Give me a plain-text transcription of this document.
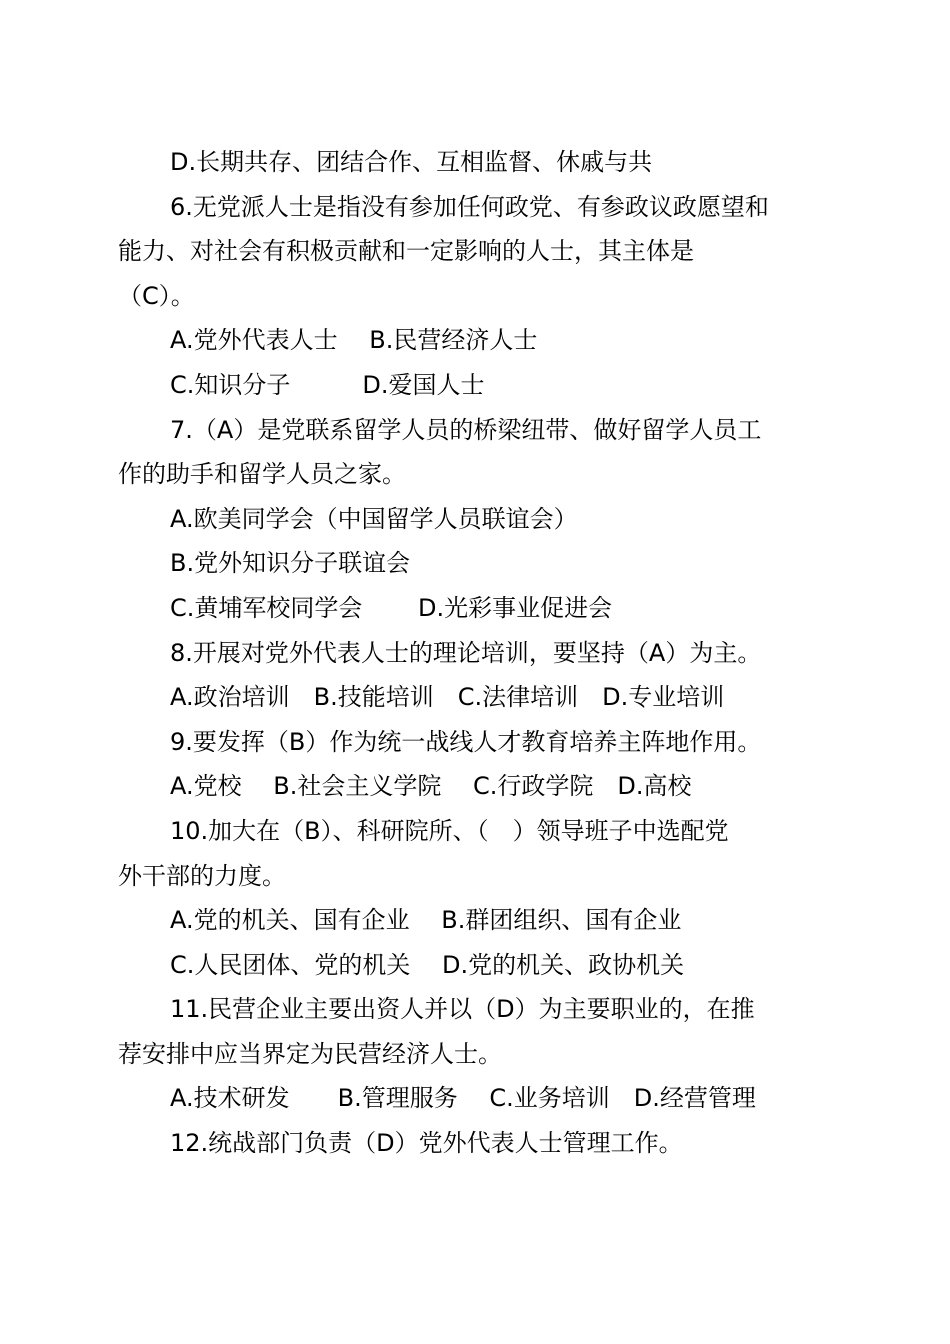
D.长期共存、团结合作、互相监督、休戚与共
6.无党派人士是指没有参加任何政党、有参政议政愿望和
能力、对社会有积极贡献和一定影响的人士，其主体是
（C）。
A.党外代表人士　 B.民营经济人士
C.知识分子　　　D.爱国人士
7.（A）是党联系留学人员的桥梁纽带、做好留学人员工
作的助手和留学人员之家。
A.欧美同学会（中国留学人员联谊会）
B.党外知识分子联谊会
C.黄埔军校同学会　　 D.光彩事业促进会
8.开展对党外代表人士的理论培训，要坚持（A）为主。
A.政治培训　B.技能培训　C.法律培训　D.专业培训
9.要发挥（B）作为统一战线人才教育培养主阵地作用。
A.党校　 B.社会主义学院　 C.行政学院　D.高校
10.加大在（B）、科研院所、（　）领导班子中选配党
外干部的力度。
A.党的机关、国有企业　 B.群团组织、国有企业
C.人民团体、党的机关　 D.党的机关、政协机关
11.民营企业主要出资人并以（D）为主要职业的，在推
荐安排中应当界定为民营经济人士。
A.技术研发　　B.管理服务　 C.业务培训　D.经营管理
12.统战部门负责（D）党外代表人士管理工作。
